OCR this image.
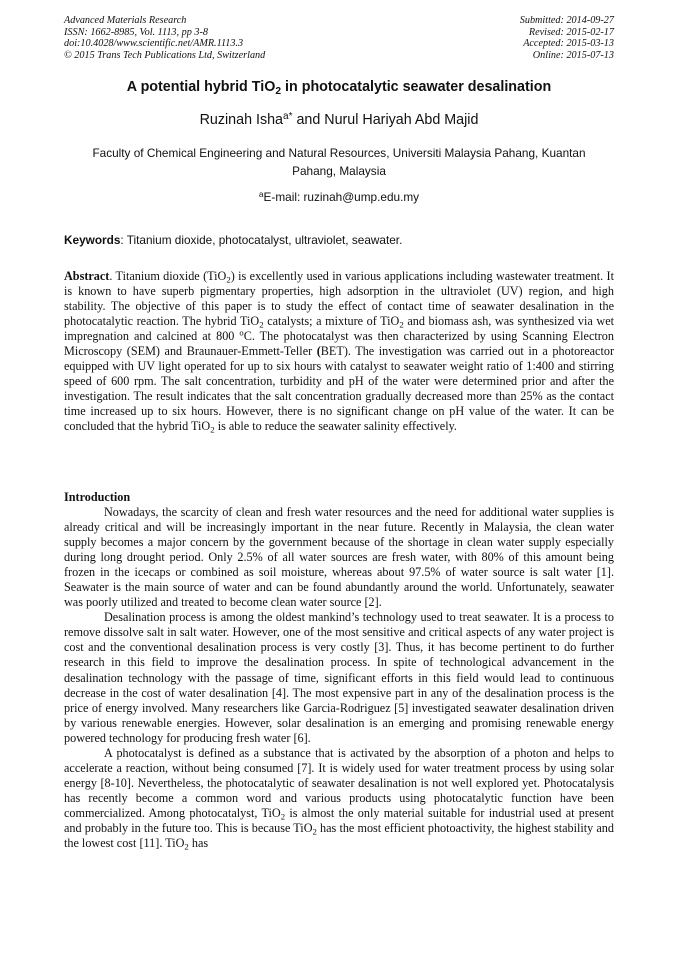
Advanced Materials Research
ISSN: 1662-8985, Vol. 1113, pp 3-8
doi:10.4028/www.scientific.net/AMR.1113.3
© 2015 Trans Tech Publications Ltd, Switzerland
Submitted: 2014-09-27
Revised: 2015-02-17
Accepted: 2015-03-13
Online: 2015-07-13
A potential hybrid TiO$_2$ in photocatalytic seawater desalination
Ruzinah Isha$^{a*}$ and Nurul Hariyah Abd Majid
Faculty of Chemical Engineering and Natural Resources, Universiti Malaysia Pahang, Kuantan Pahang, Malaysia
$^a$E-mail: ruzinah@ump.edu.my
Keywords: Titanium dioxide, photocatalyst, ultraviolet, seawater.
Abstract. Titanium dioxide (TiO$_2$) is excellently used in various applications including wastewater treatment. It is known to have superb pigmentary properties, high adsorption in the ultraviolet (UV) region, and high stability. The objective of this paper is to study the effect of contact time of seawater desalination in the photocatalytic reaction. The hybrid TiO$_2$ catalysts; a mixture of TiO$_2$ and biomass ash, was synthesized via wet impregnation and calcined at 800 $^o$C. The photocatalyst was then characterized by using Scanning Electron Microscopy (SEM) and Braunauer-Emmett-Teller (BET). The investigation was carried out in a photoreactor equipped with UV light operated for up to six hours with catalyst to seawater weight ratio of 1:400 and stirring speed of 600 rpm. The salt concentration, turbidity and pH of the water were determined prior and after the investigation. The result indicates that the salt concentration gradually decreased more than 25% as the contact time increased up to six hours. However, there is no significant change on pH value of the water. It can be concluded that the hybrid TiO$_2$ is able to reduce the seawater salinity effectively.
Introduction

Nowadays, the scarcity of clean and fresh water resources and the need for additional water supplies is already critical and will be increasingly important in the near future. Recently in Malaysia, the clean water supply becomes a major concern by the government because of the shortage in clean water supply especially during long drought period. Only 2.5% of all water sources are fresh water, with 80% of this amount being frozen in the icecaps or combined as soil moisture, whereas about 97.5% of water source is salt water [1]. Seawater is the main source of water and can be found abundantly around the world. Unfortunately, seawater was poorly utilized and treated to become clean water source [2].

Desalination process is among the oldest mankind’s technology used to treat seawater. It is a process to remove dissolve salt in salt water. However, one of the most sensitive and critical aspects of any water project is cost and the conventional desalination process is very costly [3]. Thus, it has become pertinent to do further research in this field to improve the desalination process. In spite of technological advancement in the desalination technology with the passage of time, significant efforts in this field would lead to continuous decrease in the cost of water desalination [4]. The most expensive part in any of the desalination process is the price of energy involved. Many researchers like Garcia-Rodriguez [5] investigated seawater desalination driven by various renewable energies. However, solar desalination is an emerging and promising renewable energy powered technology for producing fresh water [6].

A photocatalyst is defined as a substance that is activated by the absorption of a photon and helps to accelerate a reaction, without being consumed [7]. It is widely used for water treatment process by using solar energy [8-10]. Nevertheless, the photocatalytic of seawater desalination is not well explored yet. Photocatalysis has recently become a common word and various products using photocatalytic function have been commercialized. Among photocatalyst, TiO$_2$ is almost the only material suitable for industrial used at present and probably in the future too. This is because TiO$_2$ has the most efficient photoactivity, the highest stability and the lowest cost [11]. TiO$_2$ has
